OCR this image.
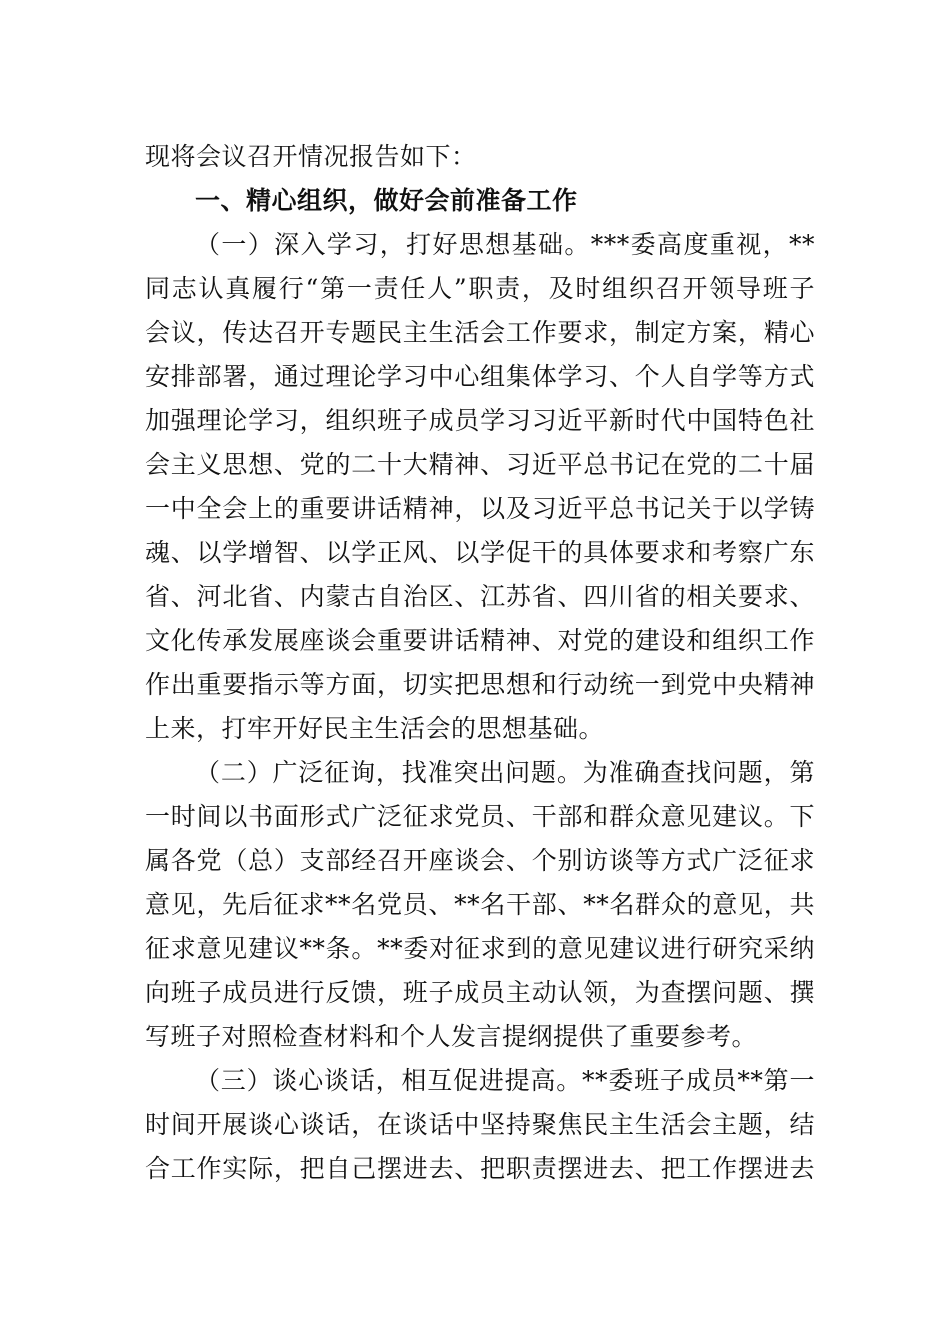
现将会议召开情况报告如下：
一、精心组织，做好会前准备工作
（一）深入学习，打好思想基础。***委高度重视，**
同志认真履行“第一责任人”职责，及时组织召开领导班子
会议，传达召开专题民主生活会工作要求，制定方案，精心
安排部署，通过理论学习中心组集体学习、个人自学等方式
加强理论学习，组织班子成员学习习近平新时代中国特色社
会主义思想、党的二十大精神、习近平总书记在党的二十届
一中全会上的重要讲话精神，以及习近平总书记关于以学铸
魂、以学增智、以学正风、以学促干的具体要求和考察广东
省、河北省、内蒙古自治区、江苏省、四川省的相关要求、
文化传承发展座谈会重要讲话精神、对党的建设和组织工作
作出重要指示等方面，切实把思想和行动统一到党中央精神
上来，打牢开好民主生活会的思想基础。
（二）广泛征询，找准突出问题。为准确查找问题，第
一时间以书面形式广泛征求党员、干部和群众意见建议。下
属各党（总）支部经召开座谈会、个别访谈等方式广泛征求
意见，先后征求**名党员、**名干部、**名群众的意见，共
征求意见建议**条。**委对征求到的意见建议进行研究采纳
向班子成员进行反馈，班子成员主动认领，为查摆问题、撰
写班子对照检查材料和个人发言提纲提供了重要参考。
（三）谈心谈话，相互促进提高。**委班子成员**第一
时间开展谈心谈话，在谈话中坚持聚焦民主生活会主题，结
合工作实际，把自己摆进去、把职责摆进去、把工作摆进去
